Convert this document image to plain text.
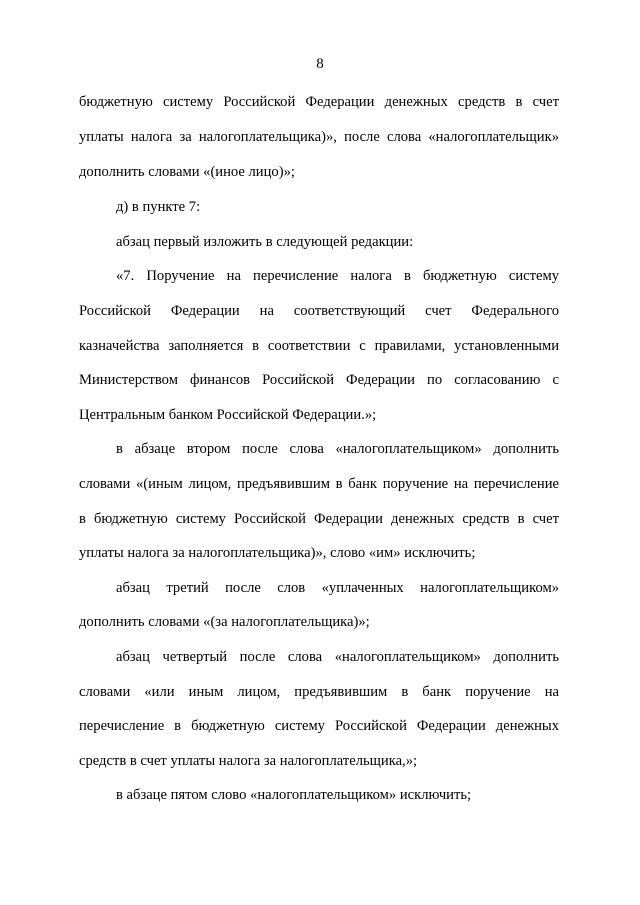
8
бюджетную систему Российской Федерации денежных средств в счет
уплаты налога за налогоплательщика)», после слова «налогоплательщик»
дополнить словами «(иное лицо)»;
д) в пункте 7:
абзац первый изложить в следующей редакции:
«7. Поручение на перечисление налога в бюджетную систему
Российской Федерации на соответствующий счет Федерального
казначейства заполняется в соответствии с правилами, установленными
Министерством финансов Российской Федерации по согласованию с
Центральным банком Российской Федерации.»;
в абзаце втором после слова «налогоплательщиком» дополнить
словами «(иным лицом, предъявившим в банк поручение на перечисление
в бюджетную систему Российской Федерации денежных средств в счет
уплаты налога за налогоплательщика)», слово «им» исключить;
абзац третий после слов «уплаченных налогоплательщиком»
дополнить словами «(за налогоплательщика)»;
абзац четвертый после слова «налогоплательщиком» дополнить
словами «или иным лицом, предъявившим в банк поручение на
перечисление в бюджетную систему Российской Федерации денежных
средств в счет уплаты налога за налогоплательщика,»;
в абзаце пятом слово «налогоплательщиком» исключить;
